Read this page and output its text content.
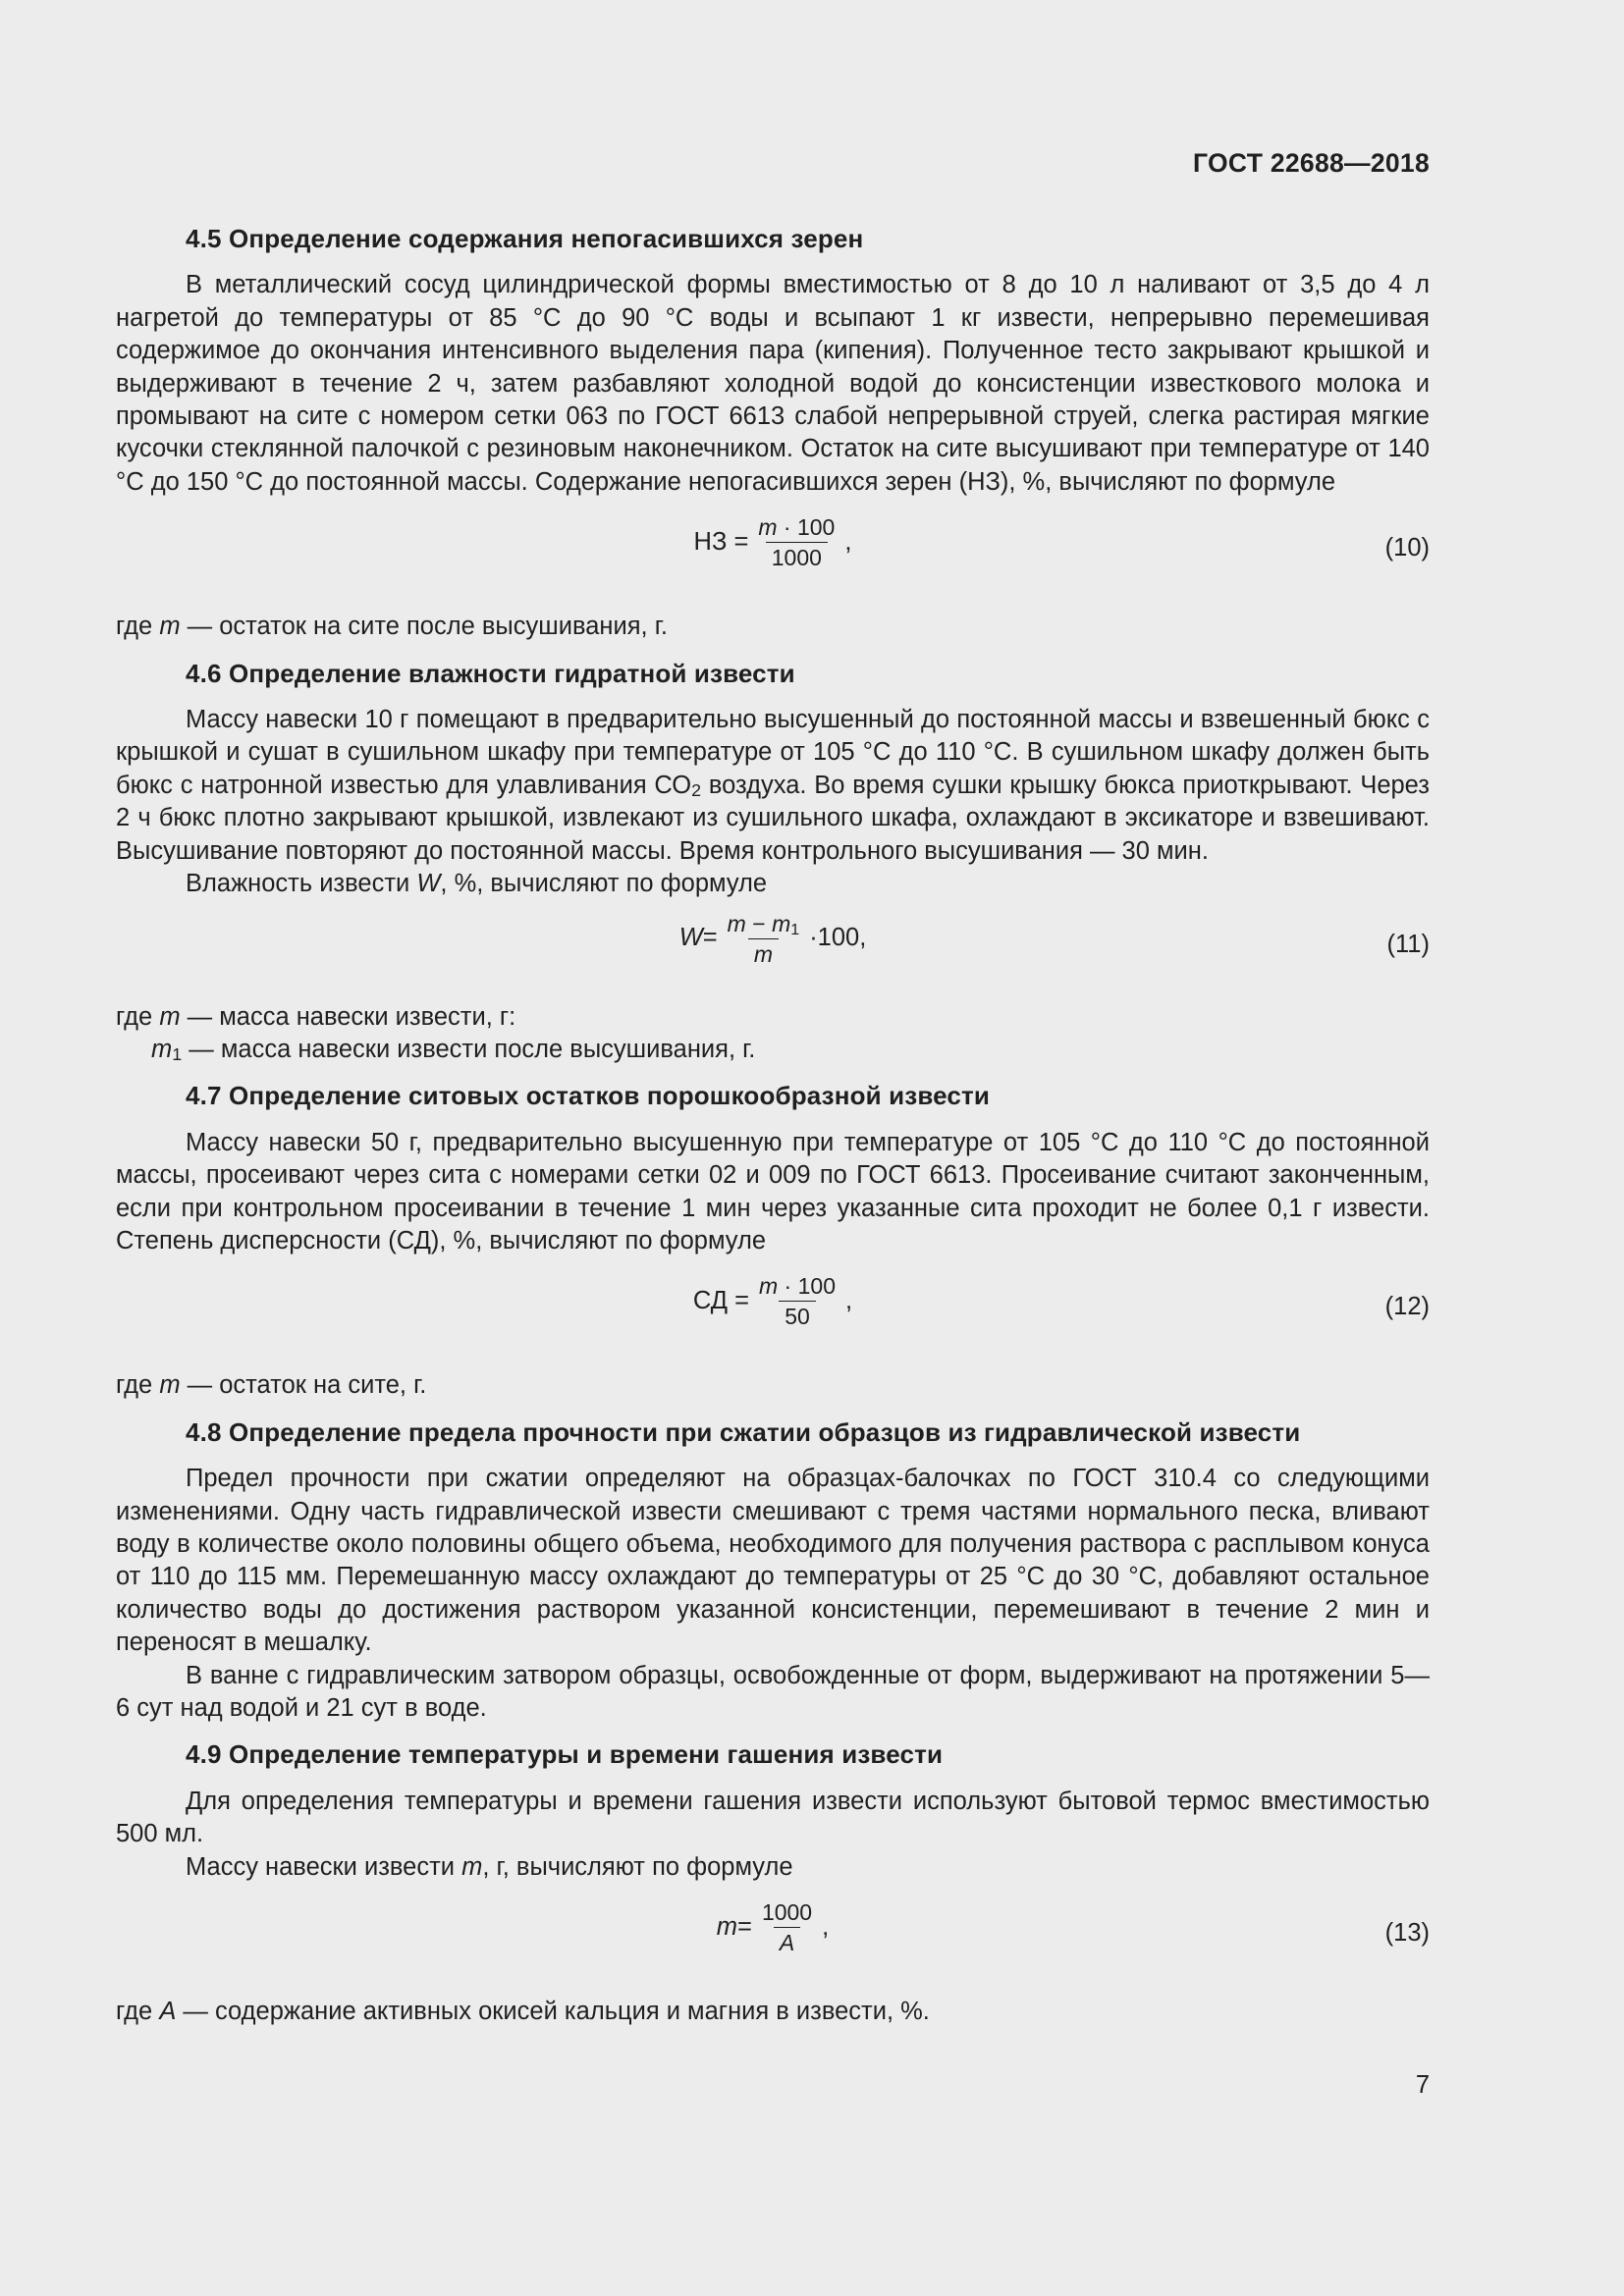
ГОСТ 22688—2018
4.5 Определение содержания непогасившихся зерен

В металлический сосуд цилиндрической формы вместимостью от 8 до 10 л наливают от 3,5 до 4 л нагретой до температуры от 85 °С до 90 °С воды и всыпают 1 кг извести, непрерывно перемешивая содержимое до окончания интенсивного выделения пара (кипения). Полученное тесто закрывают крышкой и выдерживают в течение 2 ч, затем разбавляют холодной водой до консистенции известкового молока и промывают на сите с номером сетки 063 по ГОСТ 6613 слабой непрерывной струей, слегка растирая мягкие кусочки стеклянной палочкой с резиновым наконечником. Остаток на сите высушивают при температуре от 140 °С до 150 °С до постоянной массы. Содержание непогасившихся зерен (НЗ), %, вычисляют по формуле

НЗ = $\frac{m \cdot 100}{1000}$ ,	(10)
где m — остаток на сите после высушивания, г.
4.6 Определение влажности гидратной извести

Массу навески 10 г помещают в предварительно высушенный до постоянной массы и взвешенный бюкс с крышкой и сушат в сушильном шкафу при температуре от 105 °С до 110 °С. В сушильном шкафу должен быть бюкс с натронной известью для улавливания $СО_2$ воздуха. Во время сушки крышку бюкса приоткрывают. Через 2 ч бюкс плотно закрывают крышкой, извлекают из сушильного шкафа, охлаждают в эксикаторе и взвешивают. Высушивание повторяют до постоянной массы. Время контрольного высушивания — 30 мин.

Влажность извести W, %, вычисляют по формуле

$W = \frac{m - m_1}{m} \cdot 100$,	(11)
где m — масса навески извести, г:
$m_1$ — масса навески извести после высушивания, г.
4.7 Определение ситовых остатков порошкообразной извести

Массу навески 50 г, предварительно высушенную при температуре от 105 °С до 110 °С до постоянной массы, просеивают через сита с номерами сетки 02 и 009 по ГОСТ 6613. Просеивание считают законченным, если при контрольном просеивании в течение 1 мин через указанные сита проходит не более 0,1 г извести. Степень дисперсности (СД), %, вычисляют по формуле

СД = $\frac{m \cdot 100}{50}$ ,	(12)
где m — остаток на сите, г.
4.8 Определение предела прочности при сжатии образцов из гидравлической извести

Предел прочности при сжатии определяют на образцах-балочках по ГОСТ 310.4 со следующими изменениями. Одну часть гидравлической извести смешивают с тремя частями нормального песка, вливают воду в количестве около половины общего объема, необходимого для получения раствора с расплывом конуса от 110 до 115 мм. Перемешанную массу охлаждают до температуры от 25 °С до 30 °С, добавляют остальное количество воды до достижения раствором указанной консистенции, перемешивают в течение 2 мин и переносят в мешалку.

В ванне с гидравлическим затвором образцы, освобожденные от форм, выдерживают на протяжении 5—6 сут над водой и 21 сут в воде.

4.9 Определение температуры и времени гашения извести

Для определения температуры и времени гашения извести используют бытовой термос вместимостью 500 мл.

Массу навески извести m, г, вычисляют по формуле

$m = \frac{1000}{A}$ ,	(13)
где A — содержание активных окисей кальция и магния в извести, %.
7
